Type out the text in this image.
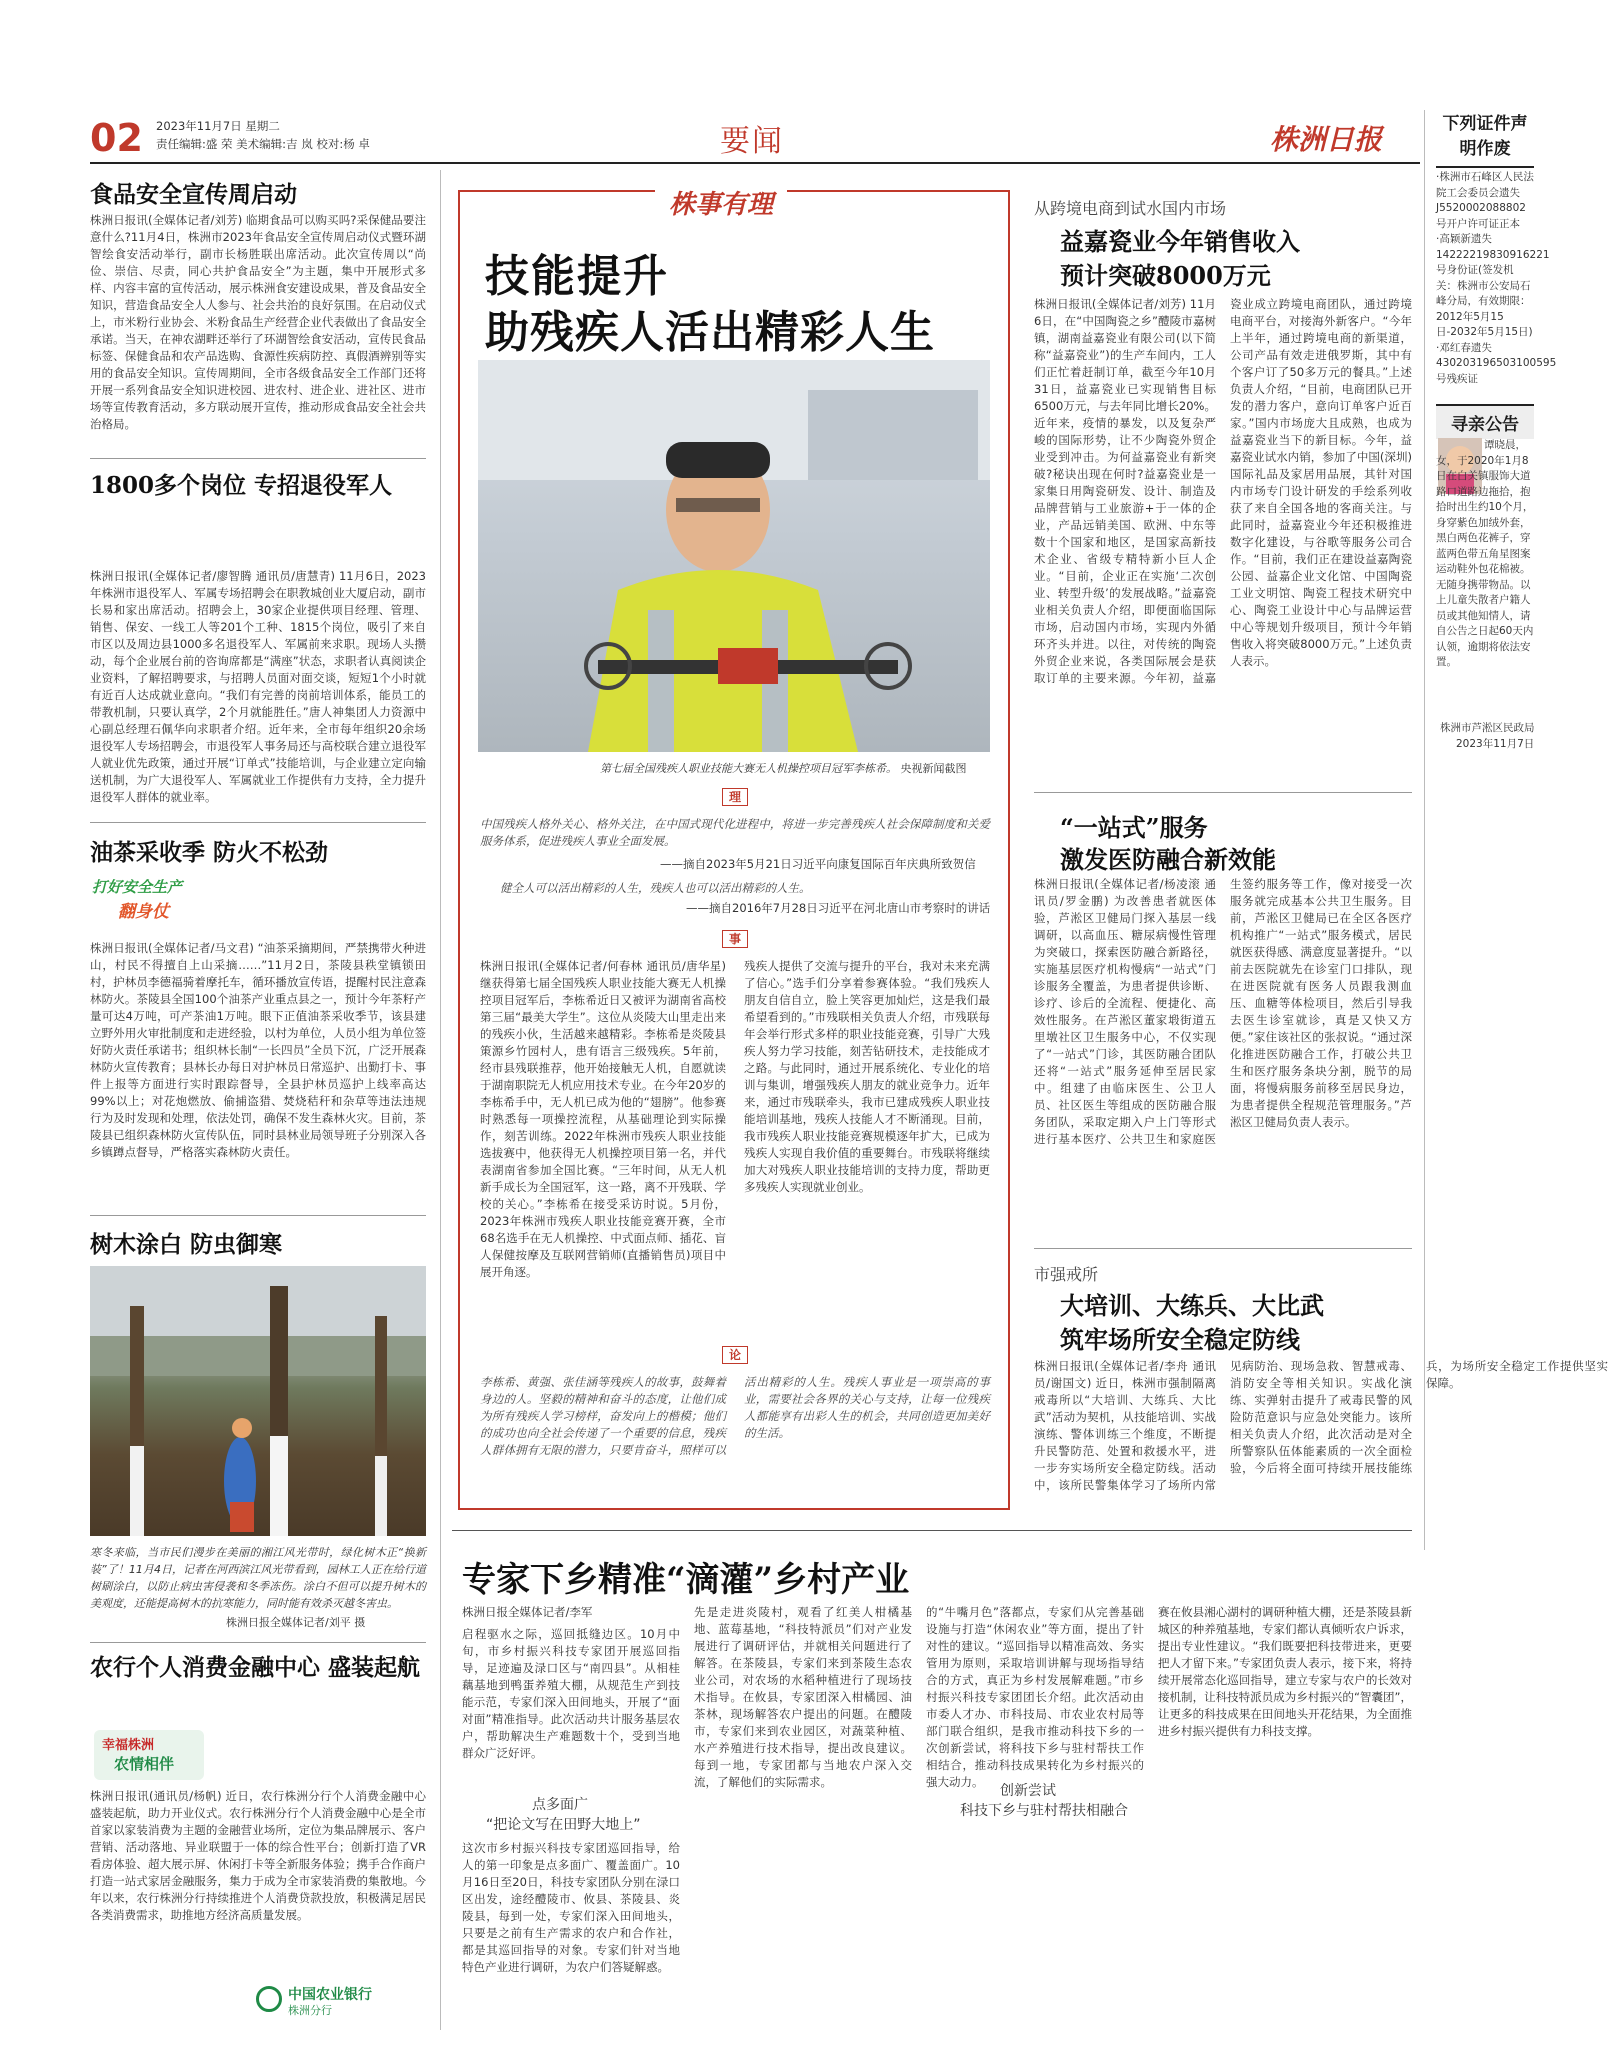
02 2023年11月7日 星期二
责任编辑:盛 荣 美术编辑:吉 岚 校对:杨 卓	要闻	株洲日报
食品安全宣传周启动
株洲日报讯(全媒体记者/刘芳) 临期食品可以购买吗?采保健品要注意什么?11月4日，株洲市2023年食品安全宣传周启动仪式暨环湖智绘食安活动举行，副市长杨胜联出席活动。此次宣传周以“尚俭、崇信、尽责，同心共护食品安全”为主题，集中开展形式多样、内容丰富的宣传活动，展示株洲食安建设成果，普及食品安全知识，营造食品安全人人参与、社会共治的良好氛围。在启动仪式上，市米粉行业协会、米粉食品生产经营企业代表做出了食品安全承诺。当天，在神农湖畔还举行了环湖智绘食安活动，宣传民食品标签、保健食品和农产品选购、食源性疾病防控、真假酒辨别等实用的食品安全知识。宣传周期间，全市各级食品安全工作部门还将开展一系列食品安全知识进校园、进农村、进企业、进社区、进市场等宣传教育活动，多方联动展开宣传，推动形成食品安全社会共治格局。
1800多个岗位 专招退役军人
株洲日报讯(全媒体记者/廖智腾 通讯员/唐慧青) 11月6日，2023年株洲市退役军人、军属专场招聘会在职教城创业大厦启动，副市长易和家出席活动。招聘会上，30家企业提供项目经理、管理、销售、保安、一线工人等201个工种、1815个岗位，吸引了来自市区以及周边县1000多名退役军人、军属前来求职。现场人头攒动，每个企业展台前的咨询席都是“满座”状态，求职者认真阅读企业资料，了解招聘要求，与招聘人员面对面交谈，短短1个小时就有近百人达成就业意向。“我们有完善的岗前培训体系，能员工的带教机制，只要认真学，2个月就能胜任。”唐人神集团人力资源中心副总经理石佩华向求职者介绍。近年来，全市每年组织20余场退役军人专场招聘会，市退役军人事务局还与高校联合建立退役军人就业优先政策，通过开展“订单式”技能培训，与企业建立定向输送机制，为广大退役军人、军属就业工作提供有力支持，全力提升退役军人群体的就业率。
油茶采收季 防火不松劲
打好安全生产
翻身仗
株洲日报讯(全媒体记者/马文君) “油茶采摘期间，严禁携带火种进山，村民不得擅自上山采摘……”11月2日，茶陵县秩堂镇锁田村，护林员李德福骑着摩托车，循环播放宣传语，提醒村民注意森林防火。茶陵县全国100个油茶产业重点县之一，预计今年茶籽产量可达4万吨，可产茶油1万吨。眼下正值油茶采收季节，该县建立野外用火审批制度和走进经验，以村为单位，人员小组为单位签好防火责任承诺书；组织林长制“一长四员”全员下沉，广泛开展森林防火宣传教育；县林长办每日对护林员日常巡护、出勤打卡、事件上报等方面进行实时跟踪督导，全县护林员巡护上线率高达99%以上；对花炮燃放、偷捕盗猎、焚烧秸秆和杂草等违法违规行为及时发现和处理，依法处罚，确保不发生森林火灾。目前，茶陵县已组织森林防火宣传队伍，同时县林业局领导班子分别深入各乡镇蹲点督导，严格落实森林防火责任。
树木涂白 防虫御寒
寒冬来临，当市民们漫步在美丽的湘江风光带时，绿化树木正“换新装”了！11月4日，记者在河西滨江风光带看到，园林工人正在给行道树刷涂白，以防止病虫害侵袭和冬季冻伤。涂白不但可以提升树木的美观度，还能提高树木的抗寒能力，同时能有效杀灭越冬害虫。
株洲日报全媒体记者/刘平 摄
农行个人消费金融中心 盛装起航
幸福株洲
农情相伴
株洲日报讯(通讯员/杨帆) 近日，农行株洲分行个人消费金融中心盛装起航，助力开业仪式。农行株洲分行个人消费金融中心是全市首家以家装消费为主题的金融营业场所，定位为集品牌展示、客户营销、活动落地、异业联盟于一体的综合性平台；创新打造了VR看房体验、超大展示屏、休闲打卡等全新服务体验；携手合作商户打造一站式家居金融服务，集力于成为全市家装消费的集散地。今年以来，农行株洲分行持续推进个人消费贷款投放，积极满足居民各类消费需求，助推地方经济高质量发展。
中国农业银行
株洲分行
株事有理
技能提升
助残疾人活出精彩人生
第七届全国残疾人职业技能大赛无人机操控项目冠军李栋希。 央视新闻截图
理
中国残疾人格外关心、格外关注，在中国式现代化进程中，将进一步完善残疾人社会保障制度和关爱服务体系，促进残疾人事业全面发展。
——摘自2023年5月21日习近平向康复国际百年庆典所致贺信
健全人可以活出精彩的人生，残疾人也可以活出精彩的人生。
——摘自2016年7月28日习近平在河北唐山市考察时的讲话
事
株洲日报讯(全媒体记者/何春林 通讯员/唐华星) 继获得第七届全国残疾人职业技能大赛无人机操控项目冠军后，李栋希近日又被评为湖南省高校第三届“最美大学生”。这位从炎陵大山里走出来的残疾小伙，生活越来越精彩。李栋希是炎陵县策源乡竹园村人，患有语言三级残疾。5年前，经市县残联推荐，他开始接触无人机，自愿就读于湖南职院无人机应用技术专业。在今年20岁的李栋希手中，无人机已成为他的“翅膀”。他参赛时熟悉每一项操控流程，从基础理论到实际操作，刻苦训练。2022年株洲市残疾人职业技能选拔赛中，他获得无人机操控项目第一名，并代表湖南省参加全国比赛。“三年时间，从无人机新手成长为全国冠军，这一路，离不开残联、学校的关心。”李栋希在接受采访时说。5月份，2023年株洲市残疾人职业技能竞赛开赛，全市68名选手在无人机操控、中式面点师、插花、盲人保健按摩及互联网营销师(直播销售员)项目中展开角逐。
残疾人提供了交流与提升的平台，我对未来充满了信心。”选手们分享着参赛体验。“我们残疾人朋友自信自立，脸上笑容更加灿烂，这是我们最希望看到的。”市残联相关负责人介绍，市残联每年会举行形式多样的职业技能竞赛，引导广大残疾人努力学习技能，刻苦钻研技术，走技能成才之路。与此同时，通过开展系统化、专业化的培训与集训，增强残疾人朋友的就业竞争力。近年来，通过市残联牵头，我市已建成残疾人职业技能培训基地，残疾人技能人才不断涌现。目前，我市残疾人职业技能竞赛规模逐年扩大，已成为残疾人实现自我价值的重要舞台。市残联将继续加大对残疾人职业技能培训的支持力度，帮助更多残疾人实现就业创业。
论
李栋希、黄强、张佳涵等残疾人的故事，鼓舞着身边的人。坚毅的精神和奋斗的态度，让他们成为所有残疾人学习榜样，奋发向上的楷模；他们的成功也向全社会传递了一个重要的信息，残疾人群体拥有无限的潜力，只要肯奋斗，照样可以活出精彩的人生。残疾人事业是一项崇高的事业，需要社会各界的关心与支持，让每一位残疾人都能享有出彩人生的机会，共同创造更加美好的生活。
从跨境电商到试水国内市场
益嘉瓷业今年销售收入
预计突破8000万元
株洲日报讯(全媒体记者/刘芳) 11月6日，在“中国陶瓷之乡”醴陵市嘉树镇，湖南益嘉瓷业有限公司(以下简称“益嘉瓷业”)的生产车间内，工人们正忙着赶制订单，截至今年10月31日，益嘉瓷业已实现销售目标6500万元，与去年同比增长20%。近年来，疫情的暴发，以及复杂严峻的国际形势，让不少陶瓷外贸企业受到冲击。为何益嘉瓷业有新突破?秘诀出现在何时?益嘉瓷业是一家集日用陶瓷研发、设计、制造及品牌营销与工业旅游+于一体的企业，产品远销美国、欧洲、中东等数十个国家和地区，是国家高新技术企业、省级专精特新小巨人企业。“目前，企业正在实施‘二次创业、转型升级’的发展战略。”益嘉瓷业相关负责人介绍，即便面临国际市场，启动国内市场，实现内外循环齐头并进。以往，对传统的陶瓷外贸企业来说，各类国际展会是获取订单的主要来源。今年初，益嘉瓷业成立跨境电商团队，通过跨境电商平台，对接海外新客户。“今年上半年，通过跨境电商的新渠道，公司产品有效走进俄罗斯，其中有个客户订了50多万元的餐具。”上述负责人介绍，“目前，电商团队已开发的潜力客户，意向订单客户近百家。”国内市场庞大且成熟，也成为益嘉瓷业当下的新目标。今年，益嘉瓷业试水内销，参加了中国(深圳)国际礼品及家居用品展，其针对国内市场专门设计研发的手绘系列收获了来自全国各地的客商关注。与此同时，益嘉瓷业今年还积极推进数字化建设，与谷歌等服务公司合作。“目前，我们正在建设益嘉陶瓷公园、益嘉企业文化馆、中国陶瓷工业文明馆、陶瓷工程技术研究中心、陶瓷工业设计中心与品牌运营中心等规划升级项目，预计今年销售收入将突破8000万元。”上述负责人表示。
“一站式”服务
激发医防融合新效能
株洲日报讯(全媒体记者/杨凌滚 通讯员/罗金鹏) 为改善患者就医体验，芦淞区卫健局门探入基层一线调研，以高血压、糖尿病慢性管理为突破口，探索医防融合新路径，实施基层医疗机构慢病“一站式”门诊服务全覆盖，为患者提供诊断、诊疗、诊后的全流程、便捷化、高效性服务。在芦淞区董家塅街道五里墩社区卫生服务中心，不仅实现了“一站式”门诊，其医防融合团队还将“一站式”服务延伸至居民家中。组建了由临床医生、公卫人员、社区医生等组成的医防融合服务团队，采取定期入户上门等形式进行基本医疗、公共卫生和家庭医生签约服务等工作，像对接受一次服务就完成基本公共卫生服务。目前，芦淞区卫健局已在全区各医疗机构推广“一站式”服务模式，居民就医获得感、满意度显著提升。“以前去医院就先在诊室门口排队，现在进医院就有医务人员跟我测血压、血糖等体检项目，然后引导我去医生诊室就诊，真是又快又方便。”家住该社区的张叔说。“通过深化推进医防融合工作，打破公共卫生和医疗服务条块分割，脱节的局面，将慢病服务前移至居民身边，为患者提供全程规范管理服务。”芦淞区卫健局负责人表示。
市强戒所
大培训、大练兵、大比武
筑牢场所安全稳定防线
株洲日报讯(全媒体记者/李舟 通讯员/谢国文) 近日，株洲市强制隔离戒毒所以“大培训、大练兵、大比武”活动为契机，从技能培训、实战演练、警体训练三个维度，不断提升民警防范、处置和救援水平，进一步夯实场所安全稳定防线。活动中，该所民警集体学习了场所内常见病防治、现场急救、智慧戒毒、消防安全等相关知识。实战化演练、实弹射击提升了戒毒民警的风险防范意识与应急处突能力。该所相关负责人介绍，此次活动是对全所警察队伍体能素质的一次全面检验，今后将全面可持续开展技能练兵，为场所安全稳定工作提供坚实保障。
下列证件声明作废
·株洲市石峰区人民法院工会委员会遗失J5520002088802号开户许可证正本
·高颖新遗失14222219830916221号身份证(签发机关：株洲市公安局石峰分局，有效期限：2012年5月15日-2032年5月15日)
·邓红春遗失430203196503100595号残疾证
寻亲公告
谭晓晨，女，于2020年1月8日在白关镇服饰大道路口道路边拖拾，抱拾时出生约10个月，身穿紫色加绒外套，黑白两色花裤子，穿蓝两色带五角星图案运动鞋外包花棉被。无随身携带物品。以上儿童失散者户籍人员或其他知情人，请自公告之日起60天内认领，逾期将依法安置。
株洲市芦淞区民政局
2023年11月7日
专家下乡精准“滴灌”乡村产业
株洲日报全媒体记者/李军
启程驱水之际，巡回抵缝边区。10月中旬，市乡村振兴科技专家团开展巡回指导，足迹遍及渌口区与“南四县”。从相桂藕基地到鸭蛋养殖大棚，从规范生产到技能示范，专家们深入田间地头，开展了“面对面”精准指导。此次活动共计服务基层农户，帮助解决生产难题数十个，受到当地群众广泛好评。
点多面广
“把论文写在田野大地上”
这次市乡村振兴科技专家团巡回指导，给人的第一印象是点多面广、覆盖面广。10月16日至20日，科技专家团队分别在渌口区出发，途经醴陵市、攸县、茶陵县、炎陵县，每到一处，专家们深入田间地头，只要是之前有生产需求的农户和合作社，都是其巡回指导的对象。专家们针对当地特色产业进行调研，为农户们答疑解惑。
先是走进炎陵村，观看了红美人柑橘基地、蓝莓基地，“科技特派员”们对产业发展进行了调研评估，并就相关问题进行了解答。在茶陵县，专家们来到茶陵生态农业公司，对农场的水稻种植进行了现场技术指导。在攸县，专家团深入柑橘园、油茶林，现场解答农户提出的问题。在醴陵市，专家们来到农业园区，对蔬菜种植、水产养殖进行技术指导，提出改良建议。每到一地，专家团都与当地农户深入交流，了解他们的实际需求。
的“牛嘴月色”落都点，专家们从完善基础设施与打造“休闲农业”等方面，提出了针对性的建议。“巡回指导以精准高效、务实管用为原则，采取培训讲解与现场指导结合的方式，真正为乡村发展解难题。”市乡村振兴科技专家团团长介绍。此次活动由市委人才办、市科技局、市农业农村局等部门联合组织，是我市推动科技下乡的一次创新尝试，将科技下乡与驻村帮扶工作相结合，推动科技成果转化为乡村振兴的强大动力。
创新尝试
科技下乡与驻村帮扶相融合
赛在攸县湘心湖村的调研种植大棚，还是茶陵县新城区的种养殖基地，专家们都认真倾听农户诉求，提出专业性建议。“我们既要把科技带进来，更要把人才留下来。”专家团负责人表示，接下来，将持续开展常态化巡回指导，建立专家与农户的长效对接机制，让科技特派员成为乡村振兴的“智囊团”，让更多的科技成果在田间地头开花结果，为全面推进乡村振兴提供有力科技支撑。
